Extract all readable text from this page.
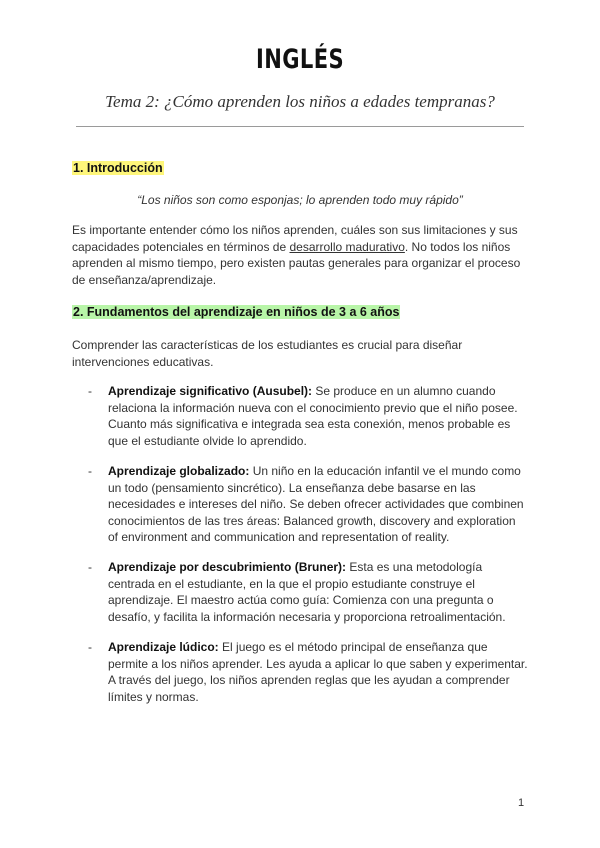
INGLÉS
Tema 2: ¿Cómo aprenden los niños a edades tempranas?
1. Introducción
“Los niños son como esponjas; lo aprenden todo muy rápido”
Es importante entender cómo los niños aprenden, cuáles son sus limitaciones y sus capacidades potenciales en términos de desarrollo madurativo. No todos los niños aprenden al mismo tiempo, pero existen pautas generales para organizar el proceso de enseñanza/aprendizaje.
2. Fundamentos del aprendizaje en niños de 3 a 6 años
Comprender las características de los estudiantes es crucial para diseñar intervenciones educativas.
- Aprendizaje significativo (Ausubel): Se produce en un alumno cuando relaciona la información nueva con el conocimiento previo que el niño posee. Cuanto más significativa e integrada sea esta conexión, menos probable es que el estudiante olvide lo aprendido.
- Aprendizaje globalizado: Un niño en la educación infantil ve el mundo como un todo (pensamiento sincrético). La enseñanza debe basarse en las necesidades e intereses del niño. Se deben ofrecer actividades que combinen conocimientos de las tres áreas: Balanced growth, discovery and exploration of environment and communication and representation of reality.
- Aprendizaje por descubrimiento (Bruner): Esta es una metodología centrada en el estudiante, en la que el propio estudiante construye el aprendizaje. El maestro actúa como guía: Comienza con una pregunta o desafío, y facilita la información necesaria y proporciona retroalimentación.
- Aprendizaje lúdico: El juego es el método principal de enseñanza que permite a los niños aprender. Les ayuda a aplicar lo que saben y experimentar. A través del juego, los niños aprenden reglas que les ayudan a comprender límites y normas.
1
